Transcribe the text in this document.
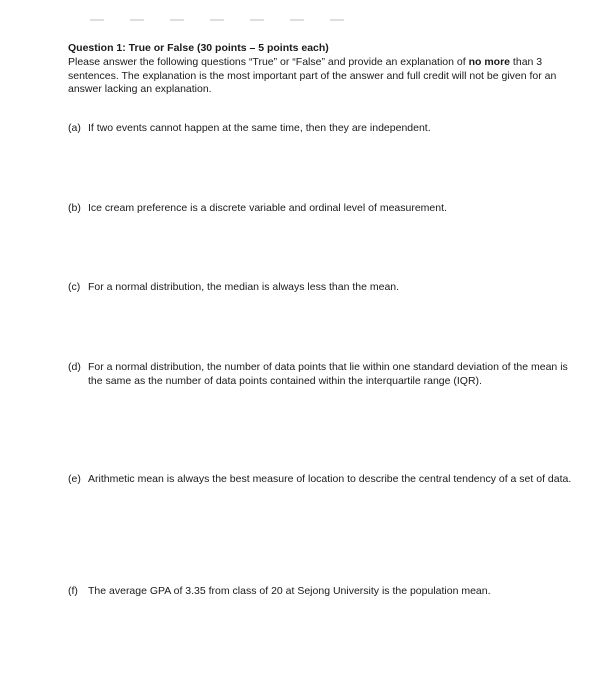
Question 1: True or False (30 points – 5 points each)

Please answer the following questions “True” or “False” and provide an explanation of no more than 3 sentences. The explanation is the most important part of the answer and full credit will not be given for an answer lacking an explanation.

(a) If two events cannot happen at the same time, then they are independent.
(b) Ice cream preference is a discrete variable and ordinal level of measurement.
(c) For a normal distribution, the median is always less than the mean.
(d) For a normal distribution, the number of data points that lie within one standard deviation of the mean is the same as the number of data points contained within the interquartile range (IQR).
(e) Arithmetic mean is always the best measure of location to describe the central tendency of a set of data.
(f) The average GPA of 3.35 from class of 20 at Sejong University is the population mean.
